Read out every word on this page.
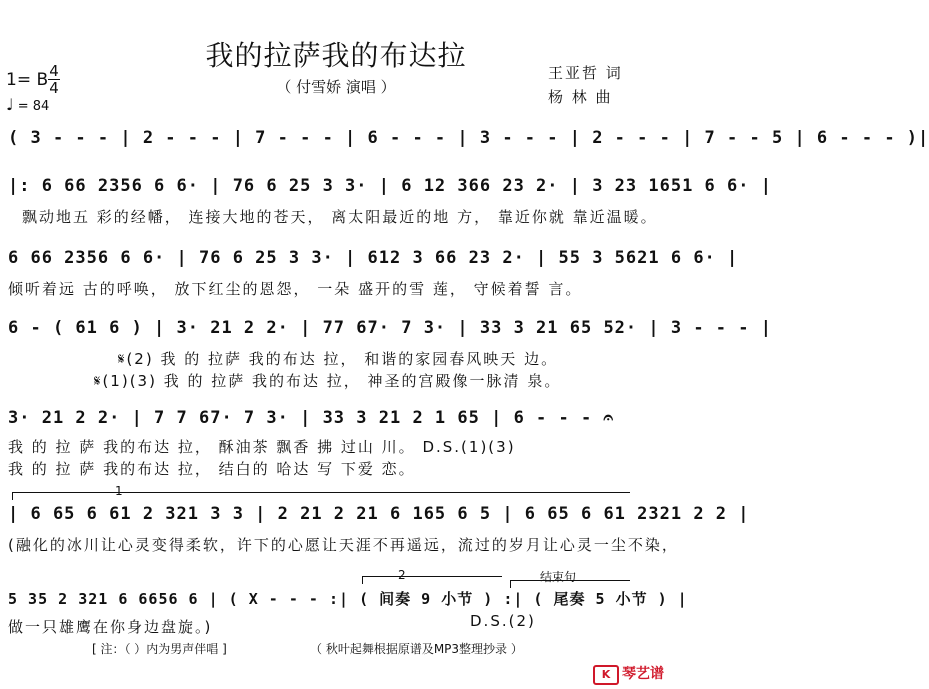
我的拉萨我的布达拉
（ 付雪娇 演唱 ）
王亚哲 词
杨 林 曲
1= B 4
4
♩ = 84
( 3 - - - | 2 - - - | 7 - - - | 6 - - - | 3 - - - | 2 - - - | 7 - - 5 | 6 - - - )|
|: 6 66 2356 6 6· | 76 6 25 3 3· | 6 12 366 23 2· | 3 23 1651 6 6· |
飘动地五 彩的经幡， 连接大地的苍天， 离太阳最近的地 方， 靠近你就 靠近温暖。
6 66 2356 6 6· | 76 6 25 3 3· | 612 3 66 23 2· | 55 3 5621 6 6· |
倾听着远 古的呼唤， 放下红尘的恩怨， 一朵 盛开的雪 莲， 守候着誓 言。
6 - ( 61 6 ) | 3· 21 2 2· | 77 67· 7 3· | 33 3 21 65 52· | 3 - - - |
𝄋(2) 我 的 拉萨 我的布达 拉， 和谐的家园春风映天 边。
𝄋(1)(3) 我 的 拉萨 我的布达 拉， 神圣的宫殿像一脉清 泉。
3· 21 2 2· | 7 7 67· 7 3· | 33 3 21 2 1 65 | 6 - - - 𝄐
我 的 拉 萨 我的布达 拉， 酥油茶 飘香 拂 过山 川。 D.S.(1)(3)
我 的 拉 萨 我的布达 拉， 结白的 哈达 写 下爱 恋。
1
| 6 65 6 61 2 321 3 3 | 2 21 2 21 6 165 6 5 | 6 65 6 61 2321 2 2 |
(融化的冰川让心灵变得柔软，许下的心愿让天涯不再遥远，流过的岁月让心灵一尘不染，
2	结束句
5 35 2 321 6 6656 6 | ( X - - - :| ( 间奏 9 小节 ) :| ( 尾奏 5 小节 ) |
做一只雄鹰在你身边盘旋。)	D.S.(2)
[ 注：（ ）内为男声伴唱 ]	（ 秋叶起舞根据原谱及MP3整理抄录 ）
K 琴艺谱
